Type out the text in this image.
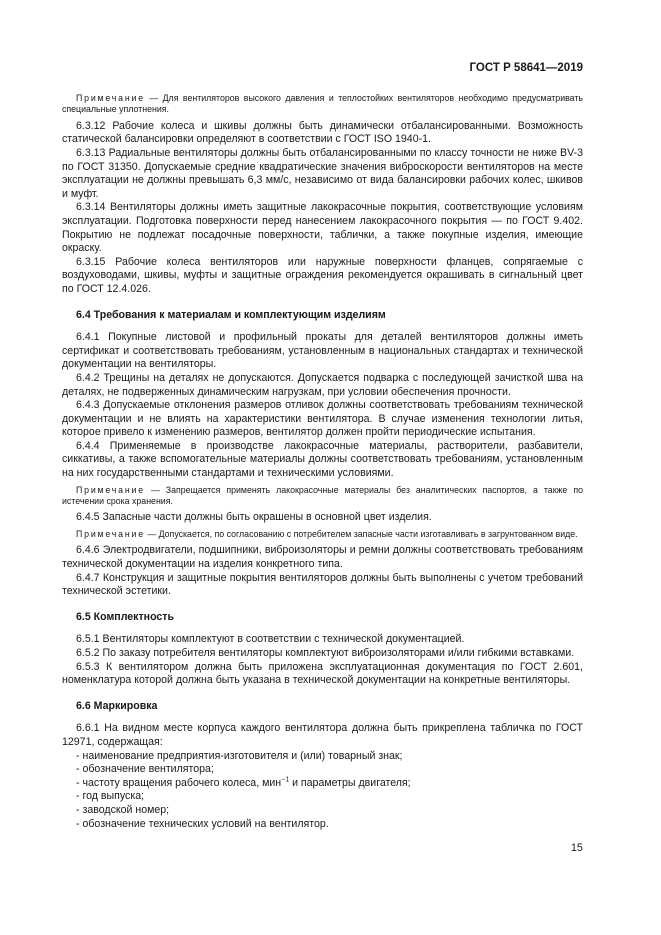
ГОСТ Р 58641—2019

Примечание — Для вентиляторов высокого давления и теплостойких вентиляторов необходимо предусматривать специальные уплотнения.

6.3.12 Рабочие колеса и шкивы должны быть динамически отбалансированными. Возможность статической балансировки определяют в соответствии с ГОСТ ISO 1940-1.

6.3.13 Радиальные вентиляторы должны быть отбалансированными по классу точности не ниже BV-3 по ГОСТ 31350. Допускаемые средние квадратические значения виброскорости вентиляторов на месте эксплуатации не должны превышать 6,3 мм/с, независимо от вида балансировки рабочих колес, шкивов и муфт.

6.3.14 Вентиляторы должны иметь защитные лакокрасочные покрытия, соответствующие условиям эксплуатации. Подготовка поверхности перед нанесением лакокрасочного покрытия — по ГОСТ 9.402. Покрытию не подлежат посадочные поверхности, таблички, а также покупные изделия, имеющие окраску.

6.3.15 Рабочие колеса вентиляторов или наружные поверхности фланцев, сопрягаемые с воздуховодами, шкивы, муфты и защитные ограждения рекомендуется окрашивать в сигнальный цвет по ГОСТ 12.4.026.

6.4 Требования к материалам и комплектующим изделиям

6.4.1 Покупные листовой и профильный прокаты для деталей вентиляторов должны иметь сертификат и соответствовать требованиям, установленным в национальных стандартах и технической документации на вентиляторы.

6.4.2 Трещины на деталях не допускаются. Допускается подварка с последующей зачисткой шва на деталях, не подверженных динамическим нагрузкам, при условии обеспечения прочности.

6.4.3 Допускаемые отклонения размеров отливок должны соответствовать требованиям технической документации и не влиять на характеристики вентилятора. В случае изменения технологии литья, которое привело к изменению размеров, вентилятор должен пройти периодические испытания.

6.4.4 Применяемые в производстве лакокрасочные материалы, растворители, разбавители, сиккативы, а также вспомогательные материалы должны соответствовать требованиям, установленным на них государственными стандартами и техническими условиями.

Примечание — Запрещается применять лакокрасочные материалы без аналитических паспортов, а также по истечении срока хранения.

6.4.5 Запасные части должны быть окрашены в основной цвет изделия.

Примечание — Допускается, по согласованию с потребителем запасные части изготавливать в загрунтованном виде.

6.4.6 Электродвигатели, подшипники, виброизоляторы и ремни должны соответствовать требованиям технической документации на изделия конкретного типа.

6.4.7 Конструкция и защитные покрытия вентиляторов должны быть выполнены с учетом требований технической эстетики.

6.5 Комплектность

6.5.1 Вентиляторы комплектуют в соответствии с технической документацией.

6.5.2 По заказу потребителя вентиляторы комплектуют виброизоляторами и/или гибкими вставками.

6.5.3 К вентилятором должна быть приложена эксплуатационная документация по ГОСТ 2.601, номенклатура которой должна быть указана в технической документации на конкретные вентиляторы.

6.6 Маркировка

6.6.1 На видном месте корпуса каждого вентилятора должна быть прикреплена табличка по ГОСТ 12971, содержащая:

- наименование предприятия-изготовителя и (или) товарный знак;

- обозначение вентилятора;

- частоту вращения рабочего колеса, мин$^{-1}$ и параметры двигателя;

- год выпуска;

- заводской номер;

- обозначение технических условий на вентилятор.

15
